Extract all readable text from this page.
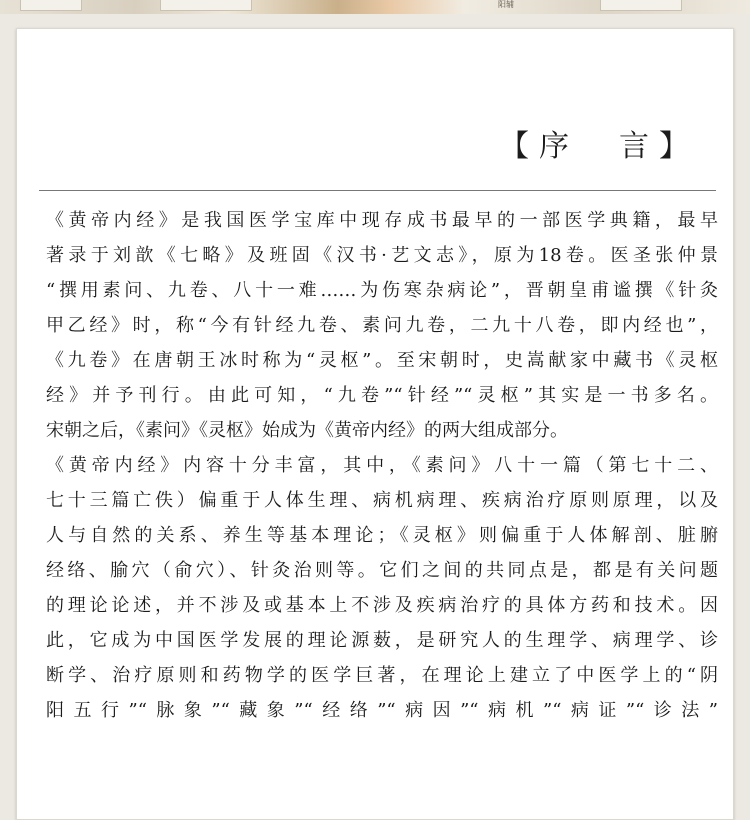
阳辅
【序　言】
《黄帝内经》是我国医学宝库中现存成书最早的一部医学典籍，最早
著录于刘歆《七略》及班固《汉书·艺文志》，原为18卷。医圣张仲景
“撰用素问、九卷、八十一难……为伤寒杂病论”，晋朝皇甫谧撰《针灸
甲乙经》时，称“今有针经九卷、素问九卷，二九十八卷，即内经也”，
《九卷》在唐朝王冰时称为“灵枢”。至宋朝时，史嵩献家中藏书《灵枢
经》并予刊行。由此可知，“九卷”“针经”“灵枢”其实是一书多名。
宋朝之后，《素问》《灵枢》始成为《黄帝内经》的两大组成部分。
《黄帝内经》内容十分丰富，其中，《素问》八十一篇（第七十二、
七十三篇亡佚）偏重于人体生理、病机病理、疾病治疗原则原理，以及
人与自然的关系、养生等基本理论；《灵枢》则偏重于人体解剖、脏腑
经络、腧穴（俞穴）、针灸治则等。它们之间的共同点是，都是有关问题
的理论论述，并不涉及或基本上不涉及疾病治疗的具体方药和技术。因
此，它成为中国医学发展的理论源薮，是研究人的生理学、病理学、诊
断学、治疗原则和药物学的医学巨著，在理论上建立了中医学上的“阴
阳五行”“脉象”“藏象”“经络”“病因”“病机”“病证”“诊法”
